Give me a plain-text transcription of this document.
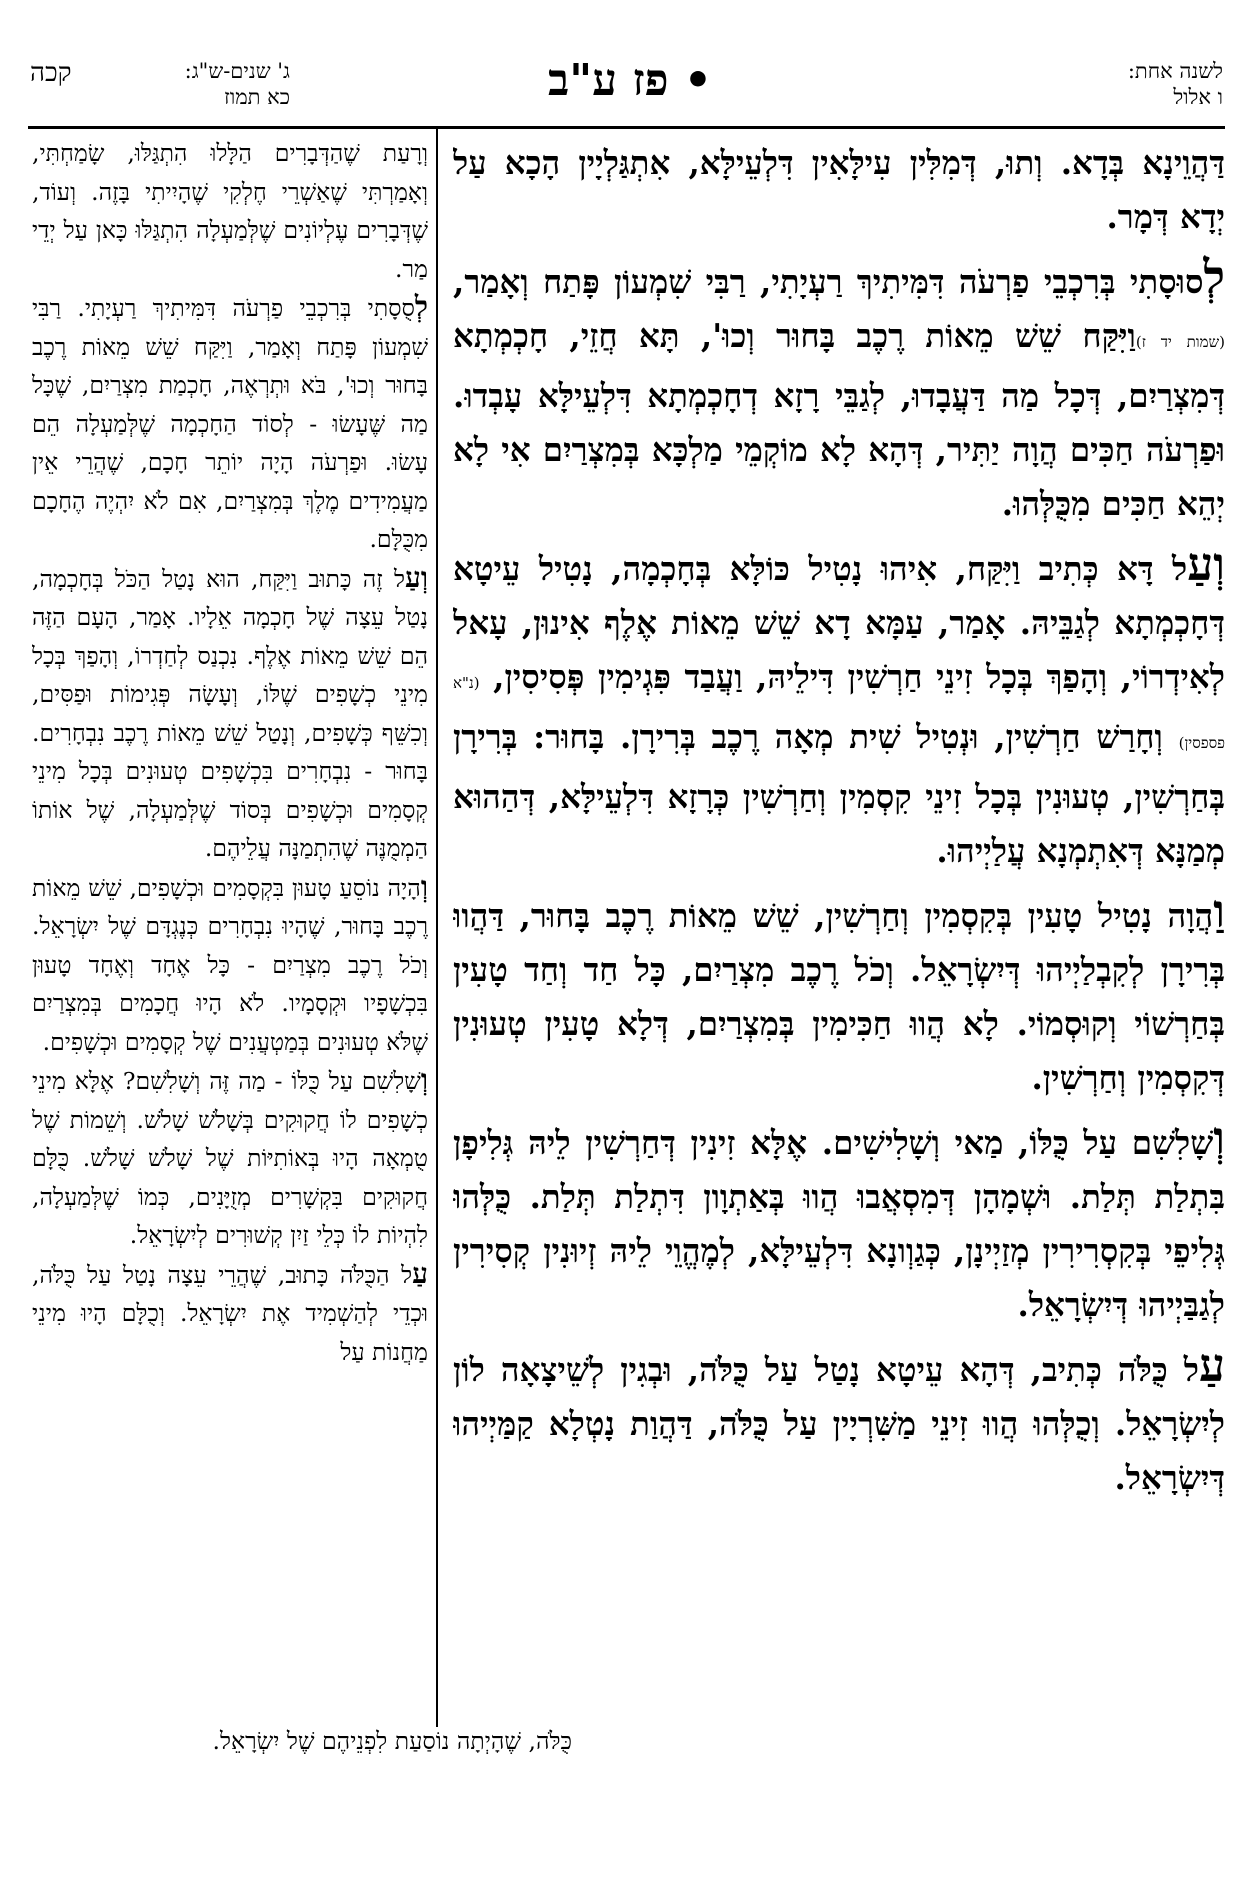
לשנה אחת:
ו אלול
• פז ע"ב
ג' שנים-ש"ג:
כא תמוז
קכה

דַּהֲוֵינָא בְּדָא. וְתוּ, דְּמִלִּין עִילָּאִין דִּלְעֵילָּא, אִתְגַּלְיָין הָכָא עַל יְדָא דְּמָר.

לְסוּסָתִי בְּרִכְבֵי פַרְעֹה דִּמִּיתִיךְ רַעְיָתִי, רַבִּי שִׁמְעוֹן פָּתַח וְאָמַר, (שמות יד ז)וַיִּקַּח שֵׁשׁ מֵאוֹת רֶכֶב בָּחוּר וְכוּ', תָּא חֲזֵי, חָכְמְתָא דְּמִצְרַיִם, דְּכָל מַה דַּעֲבָדוּ, לְגַבֵּי רָזָא דְחָכְמְתָא דִּלְעֵילָּא עָבְדוּ. וּפַרְעֹה חַכִּים הֲוָה יַתִּיר, דְּהָא לָא מוֹקְמֵי מַלְכָּא בְּמִצְרַיִם אִי לָא יְהֵא חַכִּים מִכֻּלְּהוּ.

וְעַל דָּא כְּתִיב וַיִּקַּח, אִיהוּ נָטִיל כּוֹלָּא בְּחָכְמָה, נָטִיל עֵיטָא דְּחָכְמְתָא לְגַבֵּיהּ. אָמַר, עַמָּא דָא שֵׁשׁ מֵאוֹת אֶלֶף אִינוּן, עָאל לְאִידְרוֹי, וְהָפַךְ בְּכָל זִינֵי חַרְשִׁין דִּילֵיהּ, וַעֲבַד פִּגְימִין פְּסִיסִין, (נ"א פספסין) וְחָרַשׁ חַרְשִׁין, וּנְטִיל שִׁית מְאָה רֶכֶב בְּרִירָן. בָּחוּר: בְּרִירָן בְּחַרְשִׁין, טְעוּנִין בְּכָל זִינֵי קִסְמִין וְחַרְשִׁין כְּרָזָא דִּלְעֵילָּא, דְּהַהוּא מְמַנָּא דְּאִתְמְנָא עֲלַיְיהוּ.

וַהֲוָה נָטִיל טָעִין בְּקִסְמִין וְחַרְשִׁין, שֵׁשׁ מֵאוֹת רֶכֶב בָּחוּר, דַּהֲווּ בְּרִירָן לְקִבְלַיְיהוּ דְּיִשְׂרָאֵל. וְכֹל רֶכֶב מִצְרַיִם, כָּל חַד וְחַד טָעִין בְּחַרְשׁוֹי וְקוּסְמוֹי. לָא הֲווּ חַכִּימִין בְּמִצְרַיִם, דְּלָא טָעִין טְעוּנִין דְּקִסְמִין וְחַרְשִׁין.

וְשָׁלִשִׁם עַל כֻּלּוֹ, מַאי וְשָׁלִישִׁים. אֶלָּא זִינִין דְּחַרְשִׁין לֵיהּ גְּלִיפָן בִּתְלַת תְּלַת. וּשְׁמָהָן דְּמִסְאֲבוּ הֲווּ בְּאַתְוָון דִּתְלַת תְּלַת. כֻּלְּהוּ גְּלִיפֵי בְּקִסְרִירִין מְזַיְינָן, כְּגַוְונָא דִּלְעֵילָּא, לְמֶהֱוֵי לֵיהּ זְיוּנִין קְסִירִין לְגַבַּיְיהוּ דְּיִשְׂרָאֵל.

עַל כֻּלֹּה כְּתִיב, דְּהָא עֵיטָא נָטַל עַל כֻּלֹּה, וּבְגִין לְשֵׁיצָאָה לוֹן לְיִשְׂרָאֵל. וְכֻלְּהוּ הֲווּ זִינֵי מַשִּׁרְיָין עַל כֻּלֹּה, דַּהֲוַת נָטְלָא קַמַּיְיהוּ דְּיִשְׂרָאֵל.

וְרָעַת שֶׁהַדְּבָרִים הַלָּלוּ הִתְגַּלּוּ, שָׂמַחְתִּי, וְאָמַרְתִּי שֶׁאַשְׁרֵי חֶלְקִי שֶׁהָיִיתִי בָּזֶה. וְעוֹד, שֶׁדְּבָרִים עֶלְיוֹנִים שֶׁלְּמַעְלָה הִתְגַּלּוּ כָּאן עַל יְדֵי מַר.

לְסֻסָתִי בְּרִכְבֵי פַרְעֹה דִּמִּיתִיךְ רַעְיָתִי. רַבִּי שִׁמְעוֹן פָּתַח וְאָמַר, וַיִּקַּח שֵׁשׁ מֵאוֹת רֶכֶב בָּחוּר וְכוּ', בֹּא וּתְרְאֶה, חָכְמַת מִצְרַיִם, שֶׁכָּל מַה שֶּׁעָשׂוּ - לְסוֹד הַחָכְמָה שֶׁלְּמַעְלָה הֵם עָשׂוּ. וּפַרְעֹה הָיָה יוֹתֵר חָכָם, שֶׁהֲרֵי אֵין מַעֲמִידִים מֶלֶךְ בְּמִצְרַיִם, אִם לֹא יִהְיֶה הֶחָכָם מִכֻּלָּם.

וְעַל זֶה כָּתוּב וַיִּקַּח, הוּא נָטַל הַכֹּל בְּחָכְמָה, נָטַל עֵצָה שֶׁל חָכְמָה אֵלָיו. אָמַר, הָעָם הַזֶּה הֵם שֵׁשׁ מֵאוֹת אֶלֶף. נִכְנַס לְחַדְרוֹ, וְהָפַךְ בְּכָל מִינֵי כְשָׁפִים שֶׁלּוֹ, וְעָשָׂה פְּגִימוֹת וּפַסִּים, וְכִשֵּׁף כְּשָׁפִים, וְנָטַל שֵׁשׁ מֵאוֹת רֶכֶב נִבְחָרִים. בָּחוּר - נִבְחָרִים בִּכְשָׁפִים טְעוּנִים בְּכָל מִינֵי קְסָמִים וּכְשָׁפִים בְּסוֹד שֶׁלְּמַעְלָה, שֶׁל אוֹתוֹ הַמְמֻנֶּה שֶׁהִתְמַנָּה עֲלֵיהֶם.

וְהָיָה נוֹסֵעַ טָעוּן בִּקְסָמִים וּכְשָׁפִים, שֵׁשׁ מֵאוֹת רֶכֶב בָּחוּר, שֶׁהָיוּ נִבְחָרִים כְּנֶגְדָּם שֶׁל יִשְׂרָאֵל. וְכֹל רֶכֶב מִצְרַיִם - כָּל אֶחָד וְאֶחָד טָעוּן בִּכְשָׁפָיו וּקְסָמָיו. לֹא הָיוּ חֲכָמִים בְּמִצְרַיִם שֶׁלֹּא טְעוּנִים בְּמַטְעֲנִים שֶׁל קְסָמִים וּכְשָׁפִים.

וְשָׁלִשִׁם עַל כֻּלּוֹ - מַה זֶּה וְשָׁלִשִׁם? אֶלָּא מִינֵי כְשָׁפִים לוֹ חֲקוּקִים בְּשָׁלֹשׁ שָׁלֹשׁ. וְשֵׁמוֹת שֶׁל טֻמְאָה הָיוּ בְּאוֹתִיּוֹת שֶׁל שָׁלֹשׁ שָׁלֹשׁ. כֻּלָּם חֲקוּקִים בִּקְשָׁרִים מְזֻיָּנִים, כְּמוֹ שֶׁלְּמַעְלָה, לִהְיוֹת לוֹ כְּלֵי זַיִן קְשׁוּרִים לְיִשְׂרָאֵל.

עַל הַכֻּלֹּה כָּתוּב, שֶׁהֲרֵי עֵצָה נָטַל עַל כֻּלֹּה, וּכְדֵי לְהַשְׁמִיד אֶת יִשְׂרָאֵל. וְכֻלָּם הָיוּ מִינֵי מַחֲנוֹת עַל

כֻּלֹּה, שֶׁהָיְתָה נוֹסַעַת לִפְנֵיהֶם שֶׁל יִשְׂרָאֵל.
